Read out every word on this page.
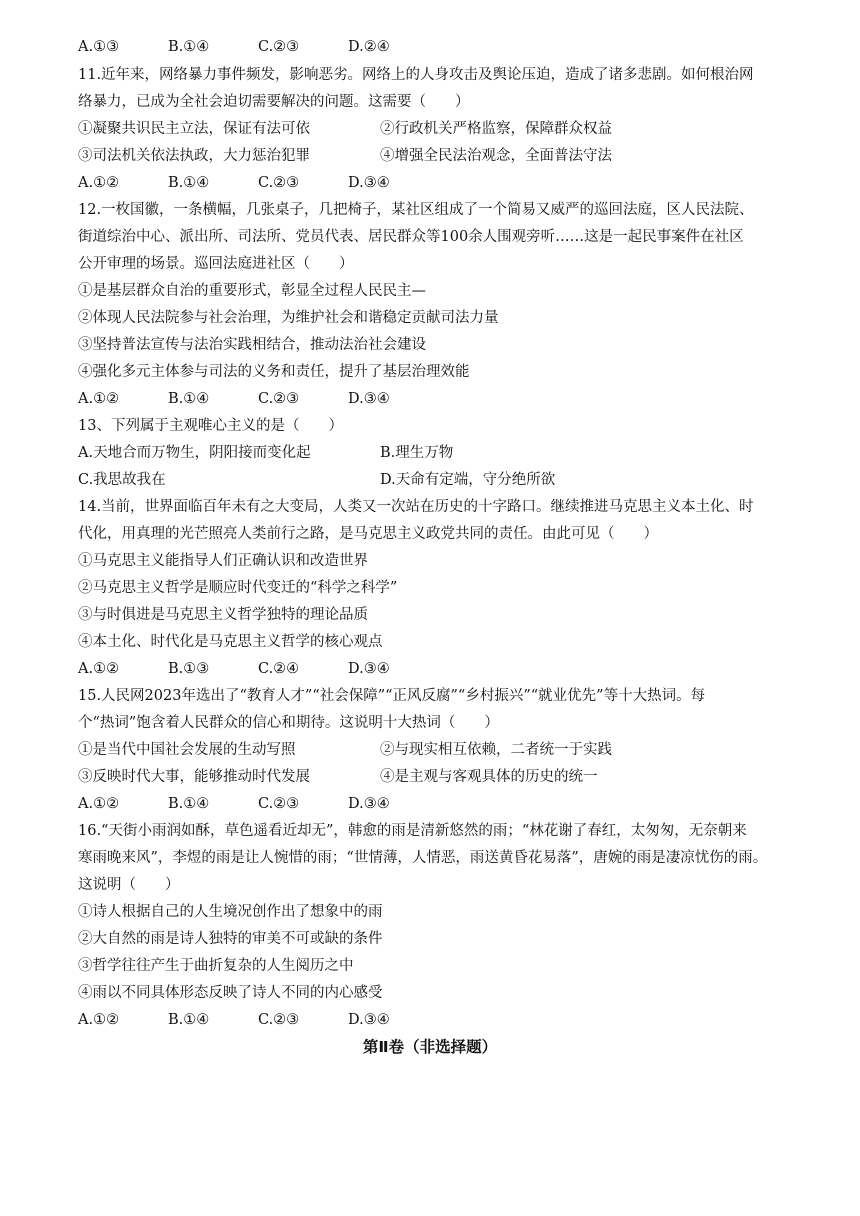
A.①③	B.①④	C.②③	D.②④
11.近年来，网络暴力事件频发，影响恶劣。网络上的人身攻击及舆论压迫，造成了诸多悲剧。如何根治网
络暴力，已成为全社会迫切需要解决的问题。这需要（　　）
①凝聚共识民主立法，保证有法可依	②行政机关严格监察，保障群众权益
③司法机关依法执政，大力惩治犯罪	④增强全民法治观念，全面普法守法
A.①②	B.①④	C.②③	D.③④
12.一枚国徽，一条横幅，几张桌子，几把椅子，某社区组成了一个简易又威严的巡回法庭，区人民法院、
街道综治中心、派出所、司法所、党员代表、居民群众等100余人围观旁听……这是一起民事案件在社区
公开审理的场景。巡回法庭进社区（　　）
①是基层群众自治的重要形式，彰显全过程人民民主—
②体现人民法院参与社会治理，为维护社会和谐稳定贡献司法力量
③坚持普法宣传与法治实践相结合，推动法治社会建设
④强化多元主体参与司法的义务和责任，提升了基层治理效能
A.①②	B.①④	C.②③	D.③④
13、下列属于主观唯心主义的是（　　）
A.天地合而万物生，阴阳接而变化起	B.理生万物
C.我思故我在	D.天命有定端，守分绝所欲
14.当前，世界面临百年未有之大变局，人类又一次站在历史的十字路口。继续推进马克思主义本土化、时
代化，用真理的光芒照亮人类前行之路，是马克思主义政党共同的责任。由此可见（　　）
①马克思主义能指导人们正确认识和改造世界
②马克思主义哲学是顺应时代变迁的“科学之科学”
③与时俱进是马克思主义哲学独特的理论品质
④本土化、时代化是马克思主义哲学的核心观点
A.①②	B.①③	C.②④	D.③④
15.人民网2023年选出了“教育人才”“社会保障”“正风反腐”“乡村振兴”“就业优先”等十大热词。每
个“热词”饱含着人民群众的信心和期待。这说明十大热词（　　）
①是当代中国社会发展的生动写照	②与现实相互依赖，二者统一于实践
③反映时代大事，能够推动时代发展	④是主观与客观具体的历史的统一
A.①②	B.①④	C.②③	D.③④
16.“天街小雨润如酥，草色遥看近却无”，韩愈的雨是清新悠然的雨；“林花谢了春红，太匆匆，无奈朝来
寒雨晚来风”，李煜的雨是让人惋惜的雨；“世情薄，人情恶，雨送黄昏花易落”，唐婉的雨是凄凉忧伤的雨。
这说明（　　）
①诗人根据自己的人生境况创作出了想象中的雨
②大自然的雨是诗人独特的审美不可或缺的条件
③哲学往往产生于曲折复杂的人生阅历之中
④雨以不同具体形态反映了诗人不同的内心感受
A.①②	B.①④	C.②③	D.③④
第Ⅱ卷（非选择题）
